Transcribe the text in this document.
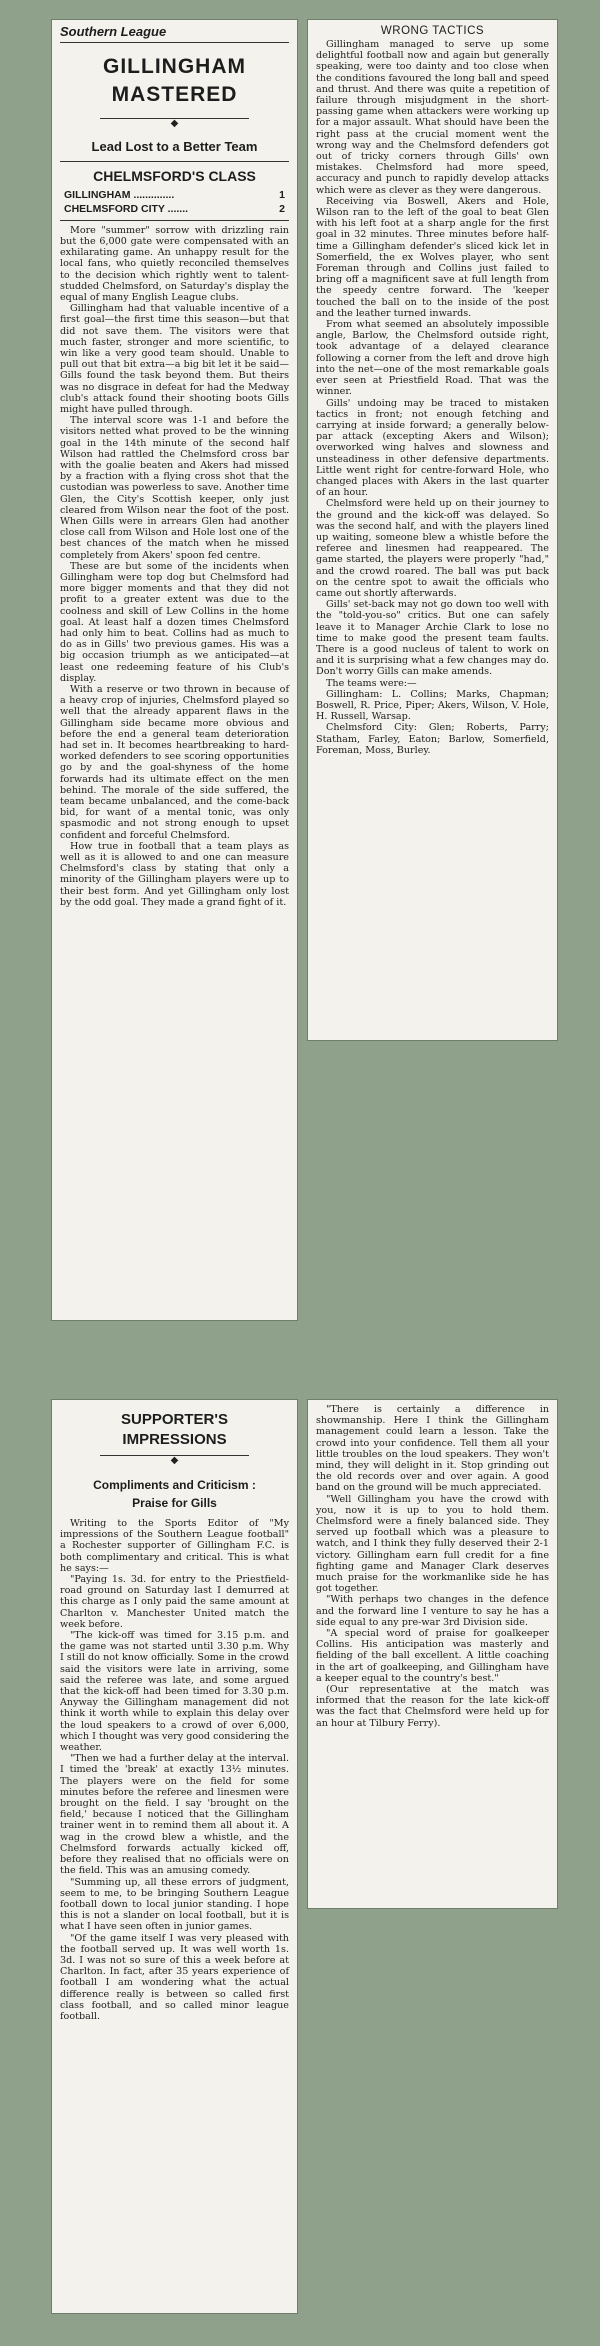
Southern League
GILLINGHAM
MASTERED
◆
Lead Lost to a Better Team
CHELMSFORD'S CLASS
GILLINGHAM ..............	1
CHELMSFORD CITY .......	2

More "summer" sorrow with drizzling rain but the 6,000 gate were compensated with an exhilarating game. An unhappy result for the local fans, who quietly reconciled themselves to the decision which rightly went to talent-studded Chelmsford, on Saturday's display the equal of many English League clubs.

Gillingham had that valuable incentive of a first goal—the first time this season—but that did not save them. The visitors were that much faster, stronger and more scientific, to win like a very good team should. Unable to pull out that bit extra—a big bit let it be said—Gills found the task beyond them. But theirs was no disgrace in defeat for had the Medway club's attack found their shooting boots Gills might have pulled through.

The interval score was 1-1 and before the visitors netted what proved to be the winning goal in the 14th minute of the second half Wilson had rattled the Chelmsford cross bar with the goalie beaten and Akers had missed by a fraction with a flying cross shot that the custodian was powerless to save. Another time Glen, the City's Scottish keeper, only just cleared from Wilson near the foot of the post. When Gills were in arrears Glen had another close call from Wilson and Hole lost one of the best chances of the match when he missed completely from Akers' spoon fed centre.

These are but some of the incidents when Gillingham were top dog but Chelmsford had more bigger moments and that they did not profit to a greater extent was due to the coolness and skill of Lew Collins in the home goal. At least half a dozen times Chelmsford had only him to beat. Collins had as much to do as in Gills' two previous games. His was a big occasion triumph as we anticipated—at least one redeeming feature of his Club's display.

With a reserve or two thrown in because of a heavy crop of injuries, Chelmsford played so well that the already apparent flaws in the Gillingham side became more obvious and before the end a general team deterioration had set in. It becomes heartbreaking to hard-worked defenders to see scoring opportunities go by and the goal-shyness of the home forwards had its ultimate effect on the men behind. The morale of the side suffered, the team became unbalanced, and the come-back bid, for want of a mental tonic, was only spasmodic and not strong enough to upset confident and forceful Chelmsford.

How true in football that a team plays as well as it is allowed to and one can measure Chelmsford's class by stating that only a minority of the Gillingham players were up to their best form. And yet Gillingham only lost by the odd goal. They made a grand fight of it.

WRONG TACTICS

Gillingham managed to serve up some delightful football now and again but generally speaking, were too dainty and too close when the conditions favoured the long ball and speed and thrust. And there was quite a repetition of failure through misjudgment in the short-passing game when attackers were working up for a major assault. What should have been the right pass at the crucial moment went the wrong way and the Chelmsford defenders got out of tricky corners through Gills' own mistakes. Chelmsford had more speed, accuracy and punch to rapidly develop attacks which were as clever as they were dangerous.

Receiving via Boswell, Akers and Hole, Wilson ran to the left of the goal to beat Glen with his left foot at a sharp angle for the first goal in 32 minutes. Three minutes before half-time a Gillingham defender's sliced kick let in Somerfield, the ex Wolves player, who sent Foreman through and Collins just failed to bring off a magnificent save at full length from the speedy centre forward. The 'keeper touched the ball on to the inside of the post and the leather turned inwards.

From what seemed an absolutely impossible angle, Barlow, the Chelmsford outside right, took advantage of a delayed clearance following a corner from the left and drove high into the net—one of the most remarkable goals ever seen at Priestfield Road. That was the winner.

Gills' undoing may be traced to mistaken tactics in front; not enough fetching and carrying at inside forward; a generally below-par attack (excepting Akers and Wilson); overworked wing halves and slowness and unsteadiness in other defensive departments. Little went right for centre-forward Hole, who changed places with Akers in the last quarter of an hour.

Chelmsford were held up on their journey to the ground and the kick-off was delayed. So was the second half, and with the players lined up waiting, someone blew a whistle before the referee and linesmen had reappeared. The game started, the players were properly "had," and the crowd roared. The ball was put back on the centre spot to await the officials who came out shortly afterwards.

Gills' set-back may not go down too well with the "told-you-so" critics. But one can safely leave it to Manager Archie Clark to lose no time to make good the present team faults. There is a good nucleus of talent to work on and it is surprising what a few changes may do. Don't worry Gills can make amends.

The teams were:—

Gillingham: L. Collins; Marks, Chapman; Boswell, R. Price, Piper; Akers, Wilson, V. Hole, H. Russell, Warsap.

Chelmsford City: Glen; Roberts, Parry; Statham, Farley, Eaton; Barlow, Somerfield, Foreman, Moss, Burley.

SUPPORTER'S
IMPRESSIONS
◆
Compliments and Criticism :
Praise for Gills

Writing to the Sports Editor of "My impressions of the Southern League football" a Rochester supporter of Gillingham F.C. is both complimentary and critical. This is what he says:—

"Paying 1s. 3d. for entry to the Priestfield-road ground on Saturday last I demurred at this charge as I only paid the same amount at Charlton v. Manchester United match the week before.

"The kick-off was timed for 3.15 p.m. and the game was not started until 3.30 p.m. Why I still do not know officially. Some in the crowd said the visitors were late in arriving, some said the referee was late, and some argued that the kick-off had been timed for 3.30 p.m. Anyway the Gillingham management did not think it worth while to explain this delay over the loud speakers to a crowd of over 6,000, which I thought was very good considering the weather.

"Then we had a further delay at the interval. I timed the 'break' at exactly 13½ minutes. The players were on the field for some minutes before the referee and linesmen were brought on the field. I say 'brought on the field,' because I noticed that the Gillingham trainer went in to remind them all about it. A wag in the crowd blew a whistle, and the Chelmsford forwards actually kicked off, before they realised that no officials were on the field. This was an amusing comedy.

"Summing up, all these errors of judgment, seem to me, to be bringing Southern League football down to local junior standing. I hope this is not a slander on local football, but it is what I have seen often in junior games.

"Of the game itself I was very pleased with the football served up. It was well worth 1s. 3d. I was not so sure of this a week before at Charlton. In fact, after 35 years experience of football I am wondering what the actual difference really is between so called first class football, and so called minor league football.

"There is certainly a difference in showmanship. Here I think the Gillingham management could learn a lesson. Take the crowd into your confidence. Tell them all your little troubles on the loud speakers. They won't mind, they will delight in it. Stop grinding out the old records over and over again. A good band on the ground will be much appreciated.

"Well Gillingham you have the crowd with you, now it is up to you to hold them. Chelmsford were a finely balanced side. They served up football which was a pleasure to watch, and I think they fully deserved their 2-1 victory. Gillingham earn full credit for a fine fighting game and Manager Clark deserves much praise for the workmanlike side he has got together.

"With perhaps two changes in the defence and the forward line I venture to say he has a side equal to any pre-war 3rd Division side.

"A special word of praise for goalkeeper Collins. His anticipation was masterly and fielding of the ball excellent. A little coaching in the art of goalkeeping, and Gillingham have a keeper equal to the country's best."

(Our representative at the match was informed that the reason for the late kick-off was the fact that Chelmsford were held up for an hour at Tilbury Ferry).
